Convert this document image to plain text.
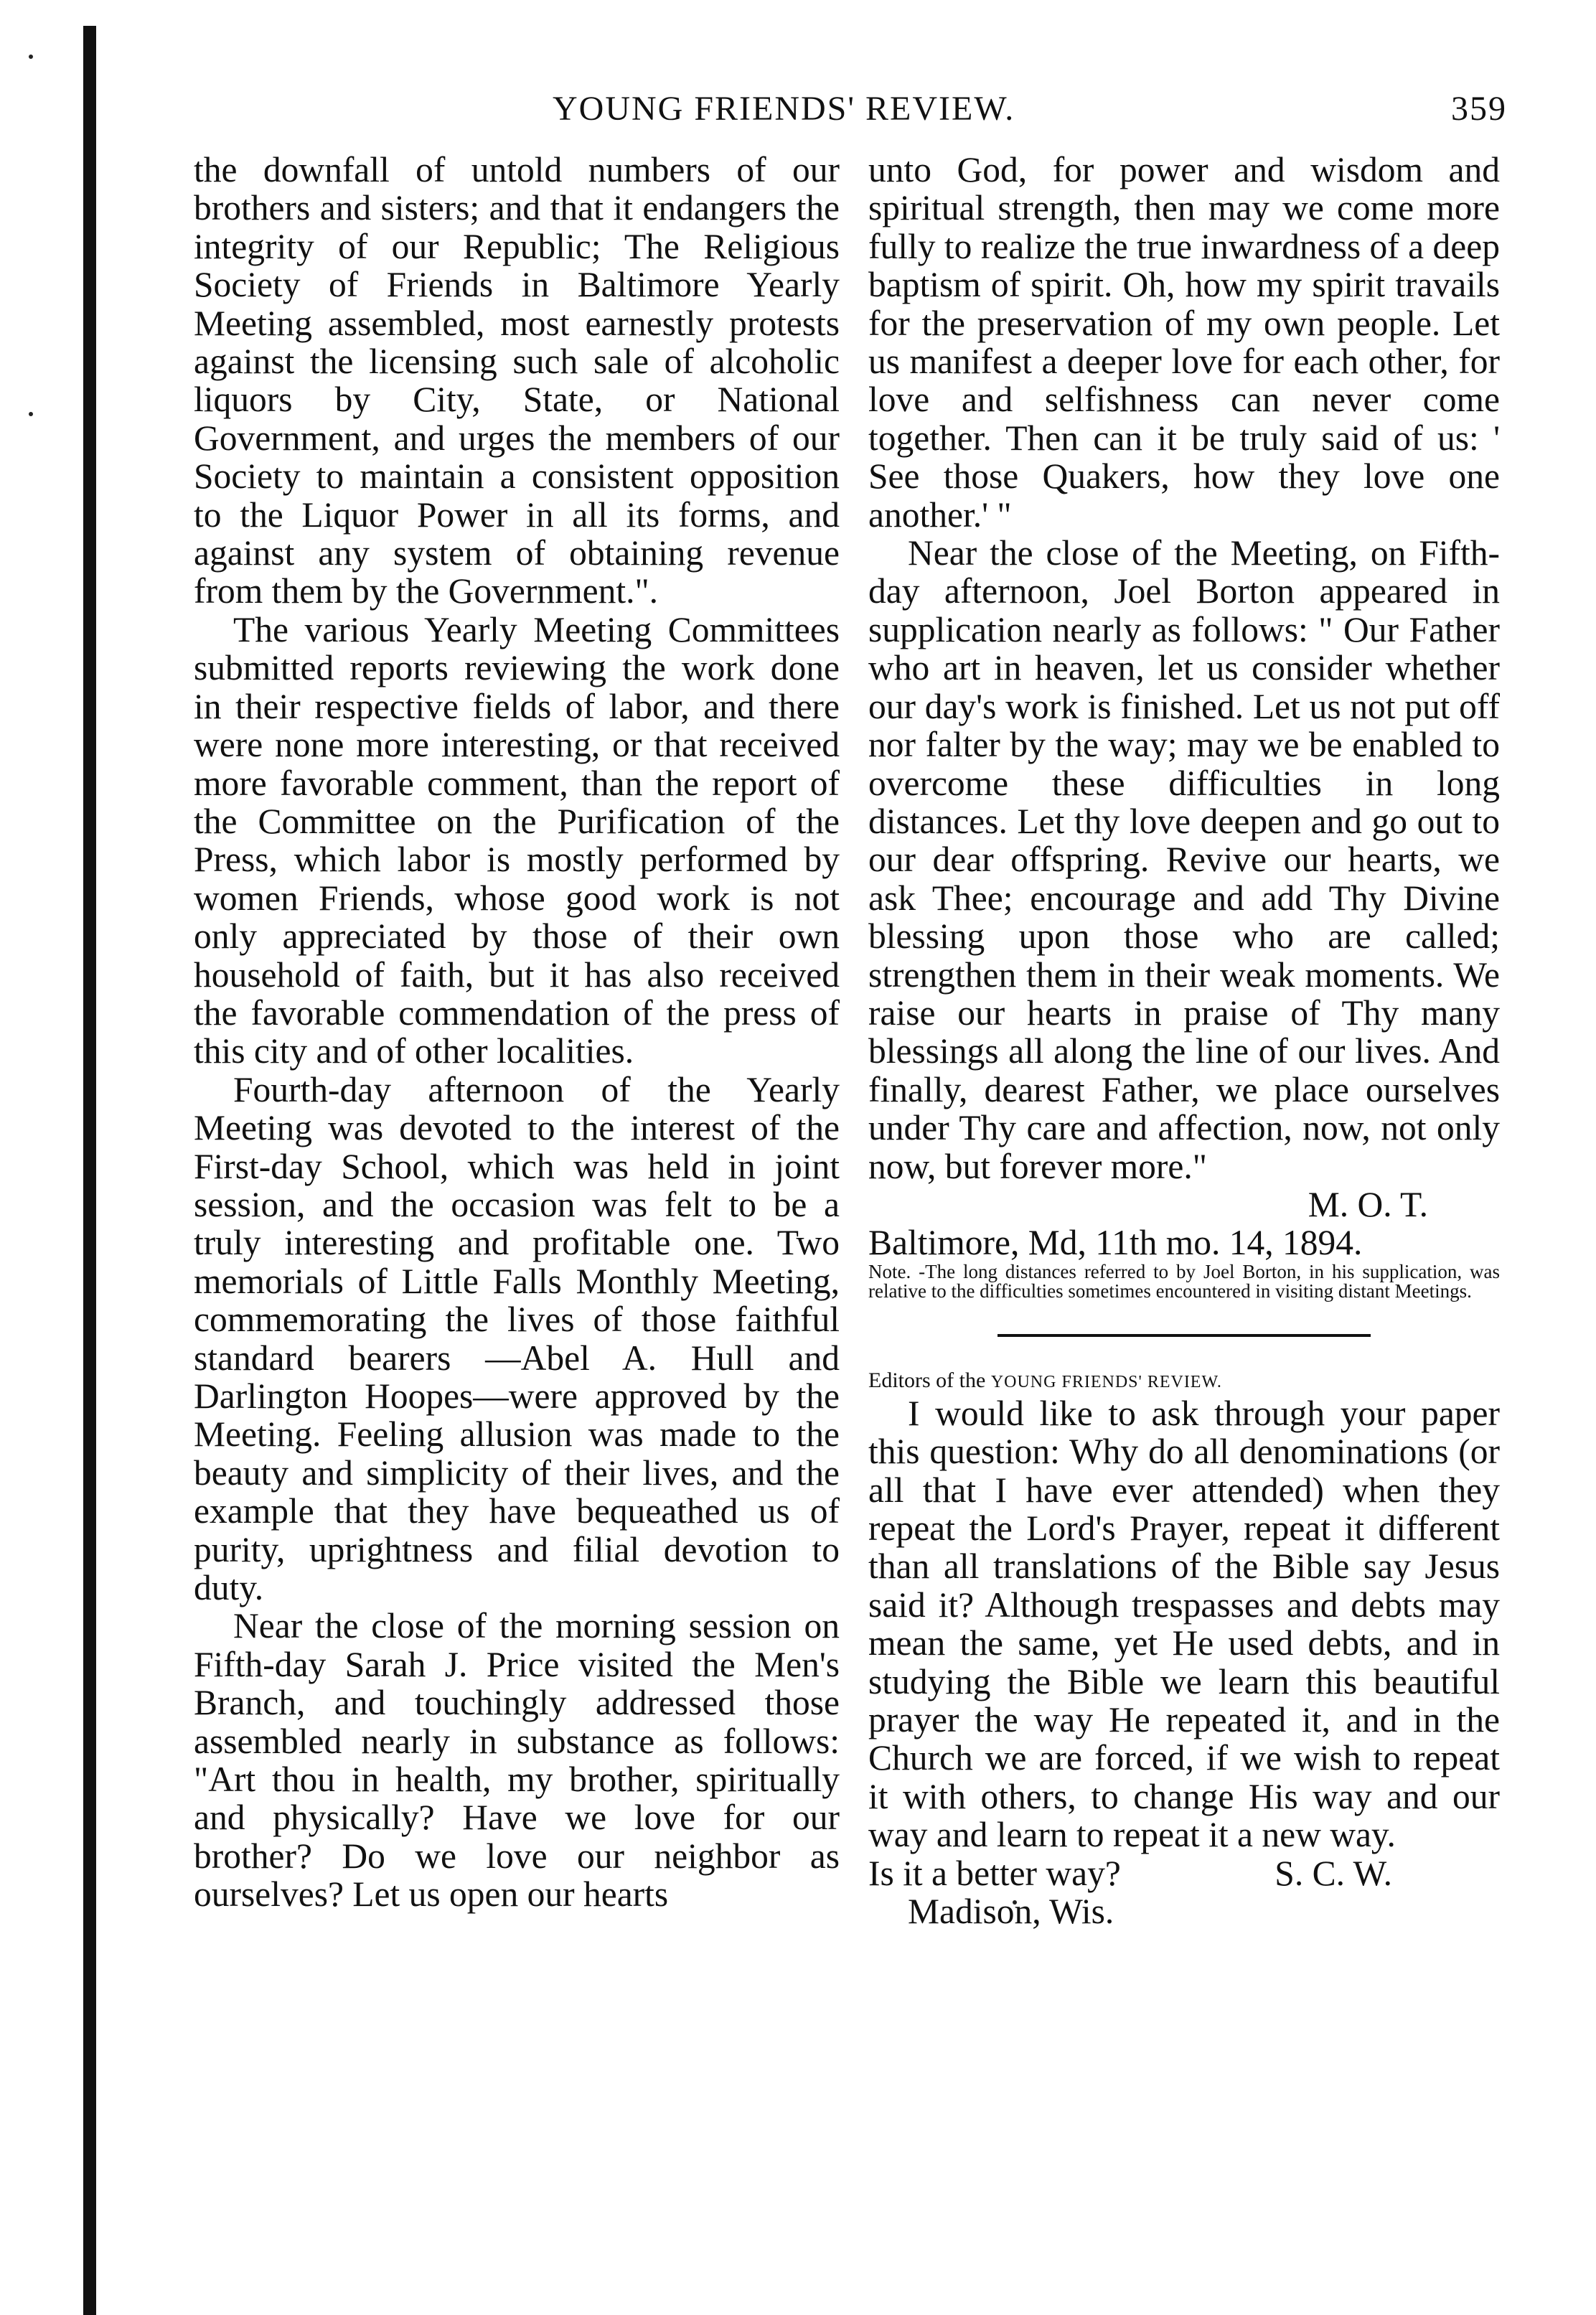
YOUNG FRIENDS' REVIEW.	359

the downfall of untold numbers of our brothers and sisters; and that it endangers the integrity of our Republic; The Religious Society of Friends in Baltimore Yearly Meeting assembled, most earnestly protests against the licensing such sale of alcoholic liquors by City, State, or National Government, and urges the members of our Society to maintain a consistent opposition to the Liquor Power in all its forms, and against any system of obtaining revenue from them by the Government.".

The various Yearly Meeting Committees submitted reports reviewing the work done in their respective fields of labor, and there were none more interesting, or that received more favorable comment, than the report of the Committee on the Purification of the Press, which labor is mostly performed by women Friends, whose good work is not only appreciated by those of their own household of faith, but it has also received the favorable commendation of the press of this city and of other localities.

Fourth-day afternoon of the Yearly Meeting was devoted to the interest of the First-day School, which was held in joint session, and the occasion was felt to be a truly interesting and profitable one. Two memorials of Little Falls Monthly Meeting, commemorating the lives of those faithful standard bearers —Abel A. Hull and Darlington Hoopes—were approved by the Meeting. Feeling allusion was made to the beauty and simplicity of their lives, and the example that they have bequeathed us of purity, uprightness and filial devotion to duty.

Near the close of the morning session on Fifth-day Sarah J. Price visited the Men's Branch, and touchingly addressed those assembled nearly in substance as follows: "Art thou in health, my brother, spiritually and physically? Have we love for our brother? Do we love our neighbor as ourselves? Let us open our hearts

unto God, for power and wisdom and spiritual strength, then may we come more fully to realize the true inwardness of a deep baptism of spirit. Oh, how my spirit travails for the preservation of my own people. Let us manifest a deeper love for each other, for love and selfishness can never come together. Then can it be truly said of us: ' See those Quakers, how they love one another.' "

Near the close of the Meeting, on Fifth-day afternoon, Joel Borton appeared in supplication nearly as follows: " Our Father who art in heaven, let us consider whether our day's work is finished. Let us not put off nor falter by the way; may we be enabled to overcome these difficulties in long distances. Let thy love deepen and go out to our dear offspring. Revive our hearts, we ask Thee; encourage and add Thy Divine blessing upon those who are called; strengthen them in their weak moments. We raise our hearts in praise of Thy many blessings all along the line of our lives. And finally, dearest Father, we place ourselves under Thy care and affection, now, not only now, but forever more."

M. O. T.

Baltimore, Md, 11th mo. 14, 1894.

Note. -The long distances referred to by Joel Borton, in his supplication, was relative to the difficulties sometimes encountered in visiting distant Meetings.

Editors of the YOUNG FRIENDS' REVIEW.

I would like to ask through your paper this question: Why do all denominations (or all that I have ever attended) when they repeat the Lord's Prayer, repeat it different than all translations of the Bible say Jesus said it? Although trespasses and debts may mean the same, yet He used debts, and in studying the Bible we learn this beautiful prayer the way He repeated it, and in the Church we are forced, if we wish to repeat it with others, to change His way and our way and learn to repeat it a new way.

Is it a better way?	S. C. W.

Madison, Wis.
